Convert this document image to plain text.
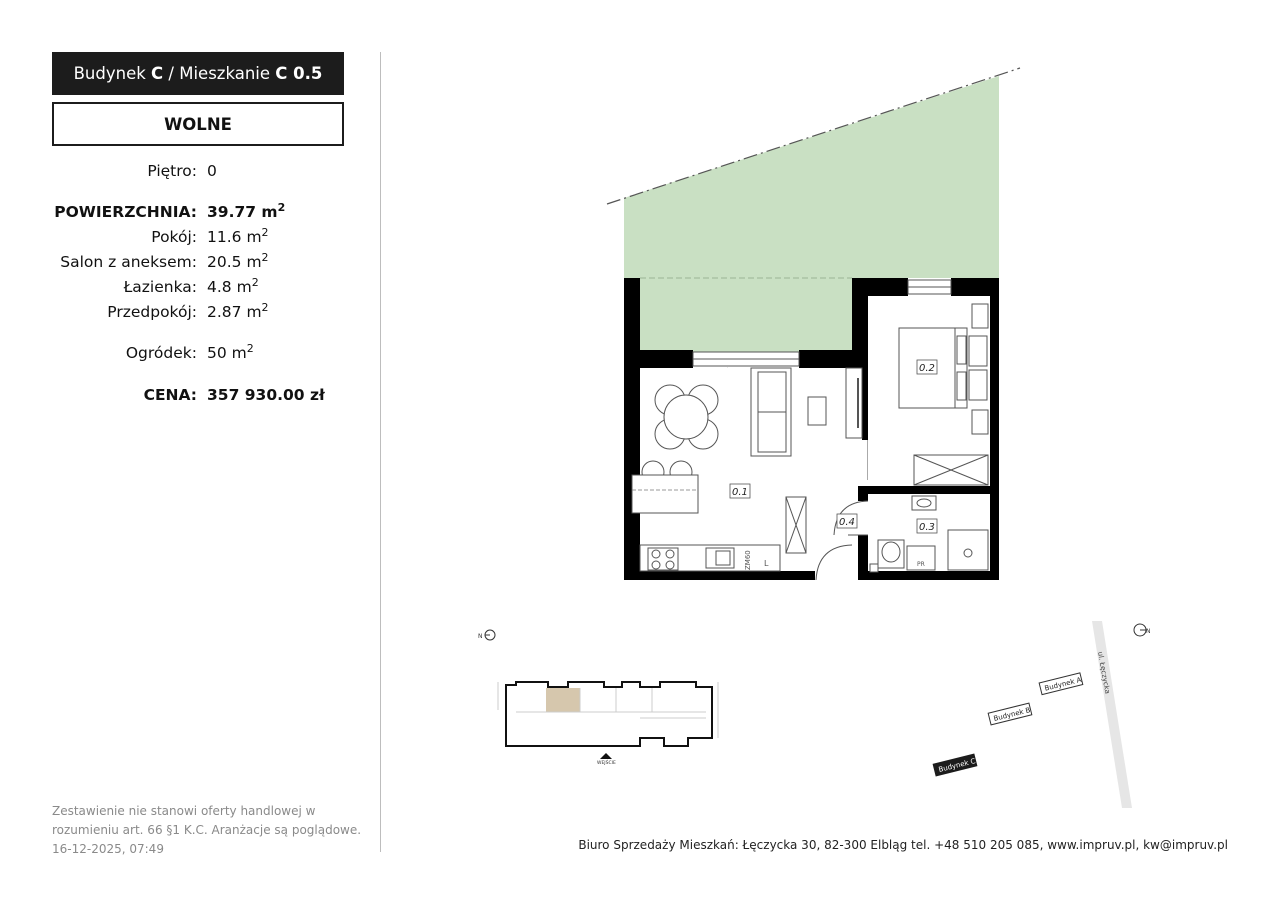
Budynek
C
/
Mieszkanie
C 0.5
WOLNE
Piętro: 0
POWIERZCHNIA: 39.77 $m^2$
Pokój: 11.6 $m^2$
Salon z aneksem: 20.5 $m^2$
Łazienka: 4.8 $m^2$
Przedpokój: 2.87 $m^2$
Ogródek: 50 $m^2$
CENA: 357 930.00 zł
Zestawienie nie stanowi oferty handlowej w rozumieniu art. 66 §1 K.C. Aranżacje są poglądowe. 16-12-2025, 07:49	Biuro Sprzedaży Mieszkań: Łęczycka 30, 82-300 Elbląg tel. +48 510 205 085, www.impruv.pl, kw@impruv.pl
ZM60 L	PR
0.1
0.2
0.3
0.4
N
WEJŚCIE
N
ul. Łęczycka
Budynek A
Budynek B
Budynek C
